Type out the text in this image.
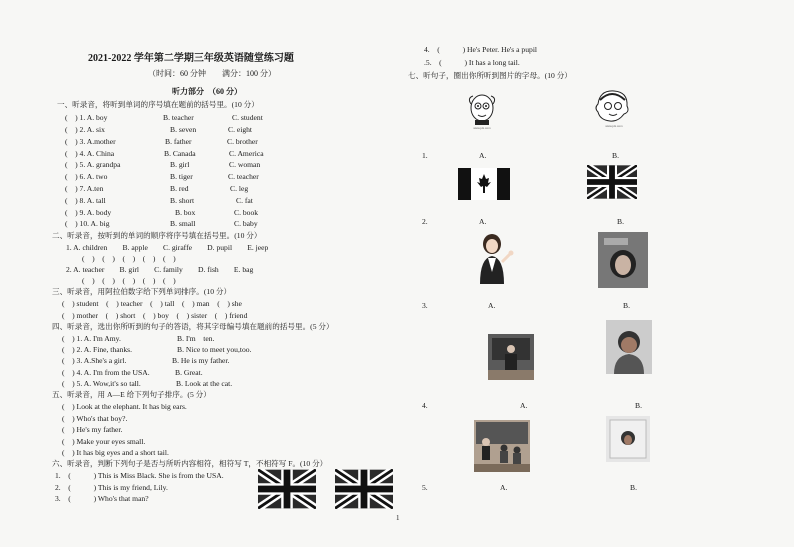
2021-2022 学年第二学期三年级英语随堂练习题
（时间：60 分钟　　满分：100 分）
听力部分　（60 分）
一、听录音，将听到单词的序号填在题前的括号里。(10 分）
(　) 1. A. boy	B. teacher	C. student
(　) 2. A. six	B. seven	C. eight
(　) 3. A.mother	B. father	C. brother
(　) 4. A. China	B. Canada	C. America
(　) 5. A. grandpa	B. girl	C. woman
(　) 6. A. two	B. tiger	C. teacher
(　) 7. A.ten	B. red	C. leg
(　) 8. A. tall	B. short	C. fat
(　) 9. A. body	B. box	C. book
(　) 10. A. big	B. small	C. baby
二、听录音，按听到的单词的顺序将序号填在括号里。(10 分）
1. A. children　　B. apple　　C. giraffe　　D. pupil　　E. jeep
(　)　(　)　(　)　(　)　(　)
2. A. teacher　　B. girl　　C. family　　D. fish　　E. bag
(　)　(　)　(　)　(　)　(　)
三、听录音，用阿拉伯数字给下列单词排序。(10 分）
(　) student　(　) teacher　(　) tall　(　) man　(　) she
(　) mother　(　) short　(　) boy　(　) sister　(　) friend
四、听录音，选出你所听到的句子的答语，将其字母编号填在题前的括号里。(5 分）
(　) 1. A. I'm Amy.	B. I'm　ten.
(　) 2. A. Fine, thanks.	B. Nice to meet you,too.
(　) 3. A.She's a girl.	B. He is my father.
(　) 4. A. I'm from the USA.	B. Great.
(　) 5. A. Wow,it's so tall.	B. Look at the cat.
五、听录音，用 A—E 给下列句子排序。(5 分）
(　) Look at the elephant. It has big ears.
(　) Who's that boy?.
(　) He's my father.
(　) Make your eyes small.
(　) It has big eyes and a short tail.
六、听录音，判断下列句子是否与所听内容相符，相符写 T，不相符写 F。(10 分）
1.　(　　　) This is Miss Black. She is from the USA.
2.　(　　　) This is my friend, Lily.
3.　(　　　) Who's that man?
4.　(　　　) He's Peter. He's a pupil
.5.　(　　　) It has a long tail.
七、听句子，圈出你所听到图片的字母。(10 分）
www.jxk.com	www.jxk.com
1.	A.	B.
2.	A.	B.
3.	A.	B.
4.	A.	B.
5.	A.	B.
1
